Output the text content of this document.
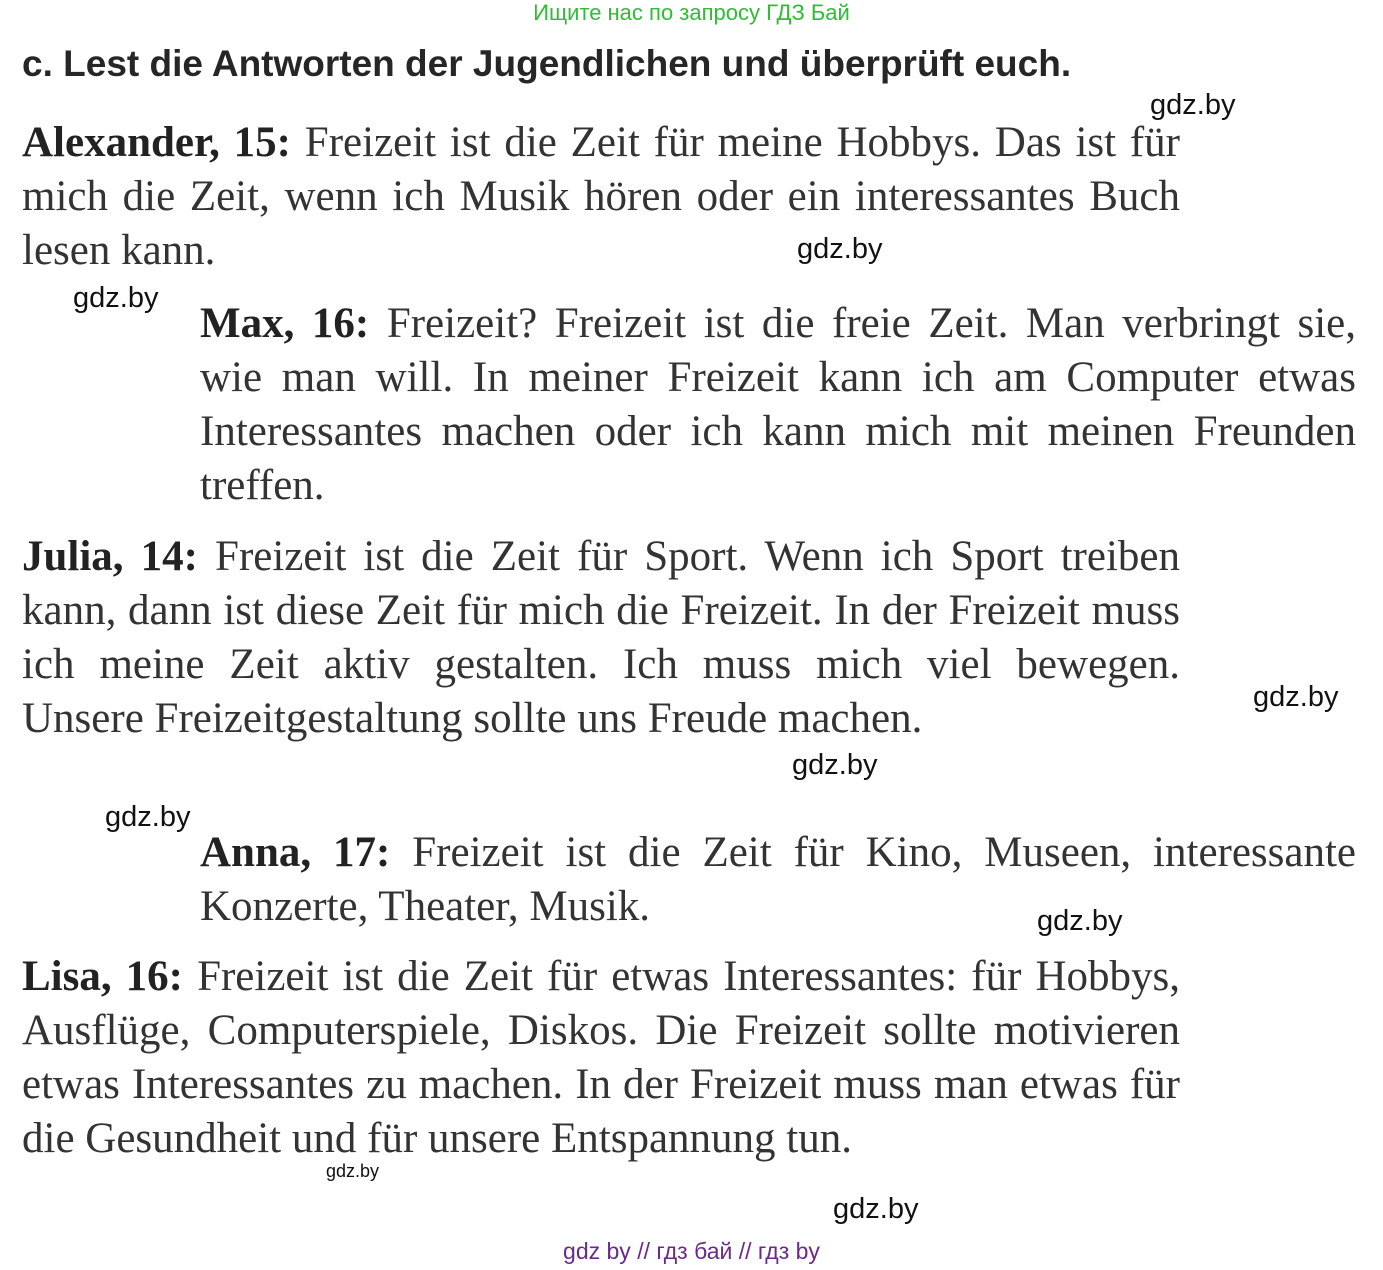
Ищите нас по запросу ГДЗ Бай
c. Lest die Antworten der Jugendlichen und überprüft euch.

Alexander, 15: Freizeit ist die Zeit für meine Hobbys. Das ist für mich die Zeit, wenn ich Musik hören oder ein interessantes Buch lesen kann.

Max, 16: Freizeit? Freizeit ist die freie Zeit. Man verbringt sie, wie man will. In meiner Freizeit kann ich am Computer etwas Interessantes machen oder ich kann mich mit meinen Freunden treffen.

Julia, 14: Freizeit ist die Zeit für Sport. Wenn ich Sport treiben kann, dann ist diese Zeit für mich die Freizeit. In der Freizeit muss ich meine Zeit aktiv gestalten. Ich muss mich viel bewegen. Unsere Freizeitgestaltung sollte uns Freude machen.

Anna, 17: Freizeit ist die Zeit für Kino, Museen, interessante Konzerte, Theater, Musik.

Lisa, 16: Freizeit ist die Zeit für etwas Interessantes: für Hobbys, Ausflüge, Computerspiele, Diskos. Die Freizeit sollte motivieren etwas Interessantes zu machen. In der Freizeit muss man etwas für die Gesundheit und für unsere Entspannung tun.

gdz.by
gdz.by
gdz.by
gdz.by
gdz.by
gdz.by
gdz.by
gdz.by
gdz.by
gdz by // гдз бай // гдз by
